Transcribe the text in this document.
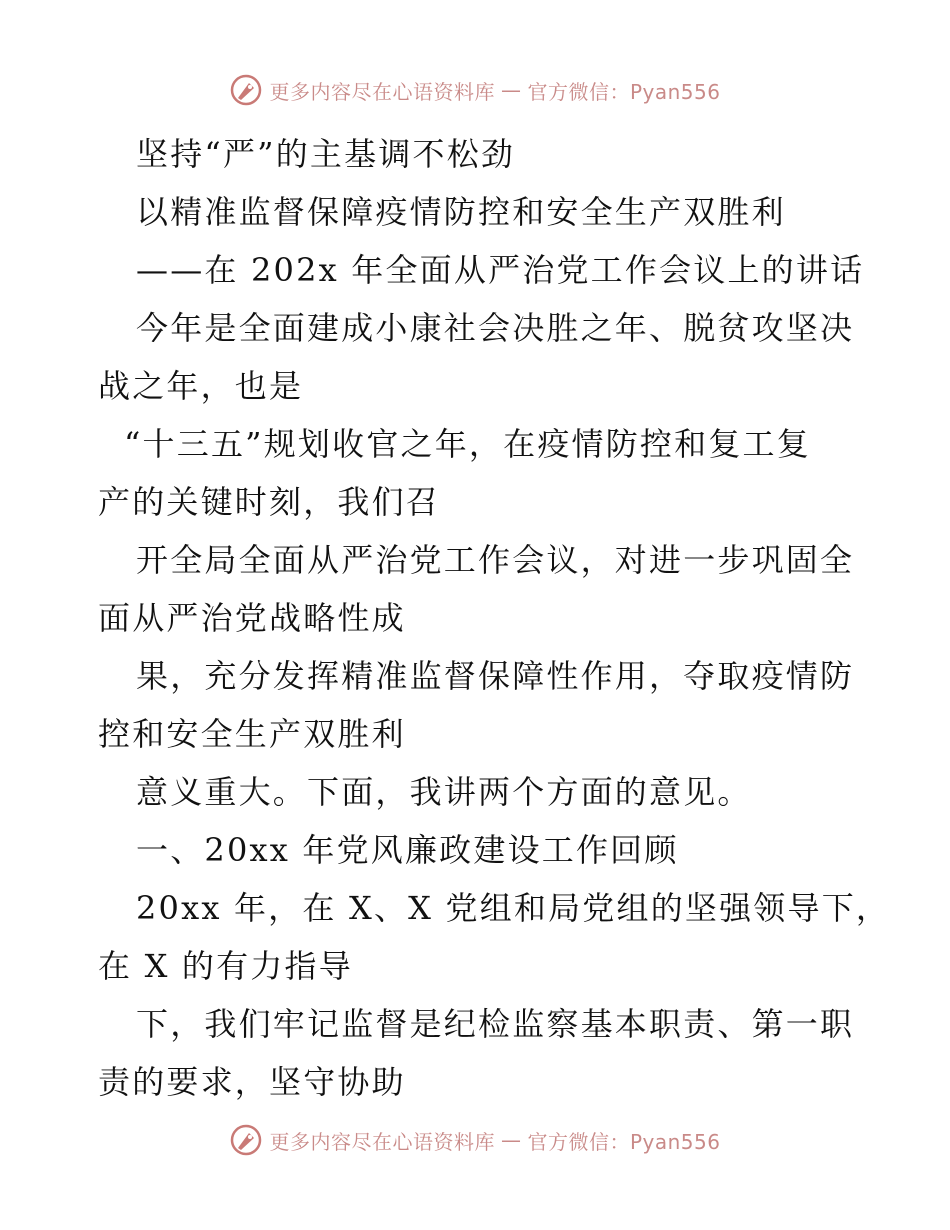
更多内容尽在心语资料库 — 官方微信：Pyan556
坚持“严”的主基调不松劲
以精准监督保障疫情防控和安全生产双胜利
——在 202x 年全面从严治党工作会议上的讲话
今年是全面建成小康社会决胜之年、脱贫攻坚决
战之年，也是
“十三五”规划收官之年，在疫情防控和复工复
产的关键时刻，我们召
开全局全面从严治党工作会议，对进一步巩固全
面从严治党战略性成
果，充分发挥精准监督保障性作用，夺取疫情防
控和安全生产双胜利
意义重大。下面，我讲两个方面的意见。
一、20xx 年党风廉政建设工作回顾
20xx 年，在 X、X 党组和局党组的坚强领导下，
在 X 的有力指导
下，我们牢记监督是纪检监察基本职责、第一职
责的要求，坚守协助
更多内容尽在心语资料库 — 官方微信：Pyan556
